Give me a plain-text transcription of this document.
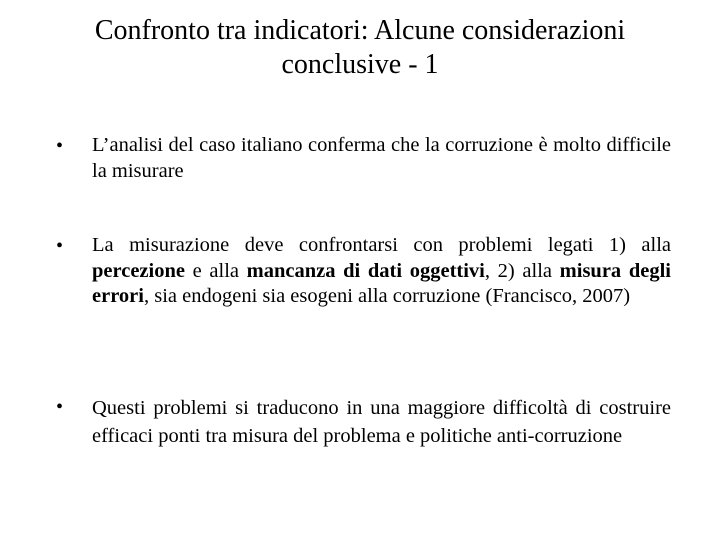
Confronto tra indicatori: Alcune considerazioni
conclusive - 1
• L’analisi del caso italiano conferma che la corruzione è molto difficile la misurare
• La misurazione deve confrontarsi con problemi legati 1) alla percezione e alla mancanza di dati oggettivi, 2) alla misura degli errori, sia endogeni sia esogeni alla corruzione (Francisco, 2007)
• Questi problemi si traducono in una maggiore difficoltà di costruire efficaci ponti tra misura del problema e politiche anti-corruzione
